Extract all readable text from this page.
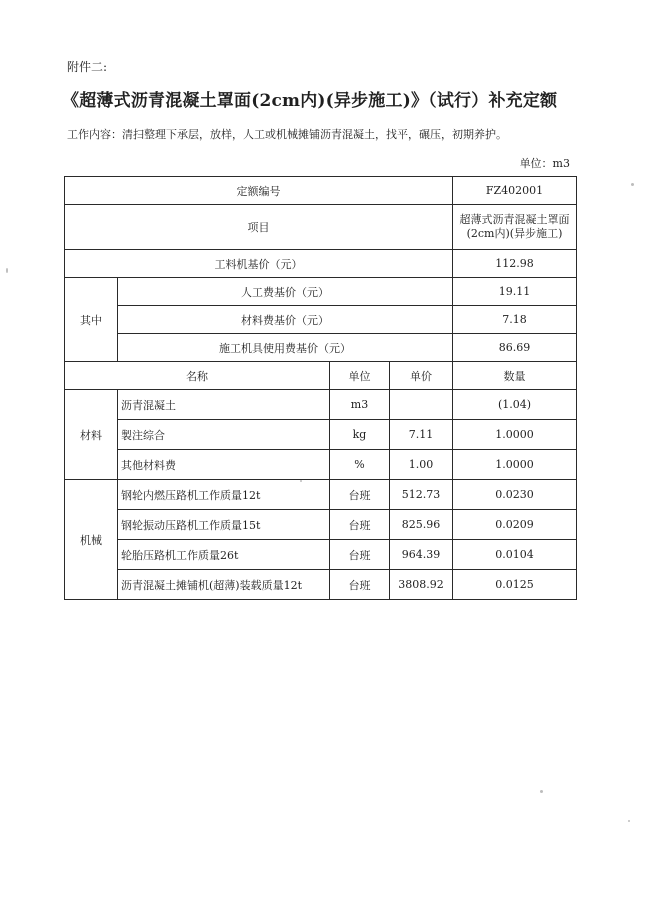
附件二:
《超薄式沥青混凝土罩面(2cm内)(异步施工)》（试行）补充定额
工作内容：清扫整理下承层，放样，人工或机械摊铺沥青混凝土，找平，碾压，初期养护。
单位：m3
定额编号				FZ402001
项目				超薄式沥青混凝土罩面(2cm内)(异步施工)
工料机基价（元）				112.98
其中	人工费基价（元）			19.11
	材料费基价（元）			7.18
	施工机具使用费基价（元）			86.69
名称		单位	单价	数量
材料	沥青混凝土	m3		(1.04)
	製注综合	kg	7.11	1.0000
	其他材料费	%	1.00	1.0000
机械	钢轮内燃压路机工作质量12t	台班	512.73	0.0230
	钢轮振动压路机工作质量15t	台班	825.96	0.0209
	轮胎压路机工作质量26t	台班	964.39	0.0104
	沥青混凝土摊铺机(超薄)装载质量12t	台班	3808.92	0.0125
